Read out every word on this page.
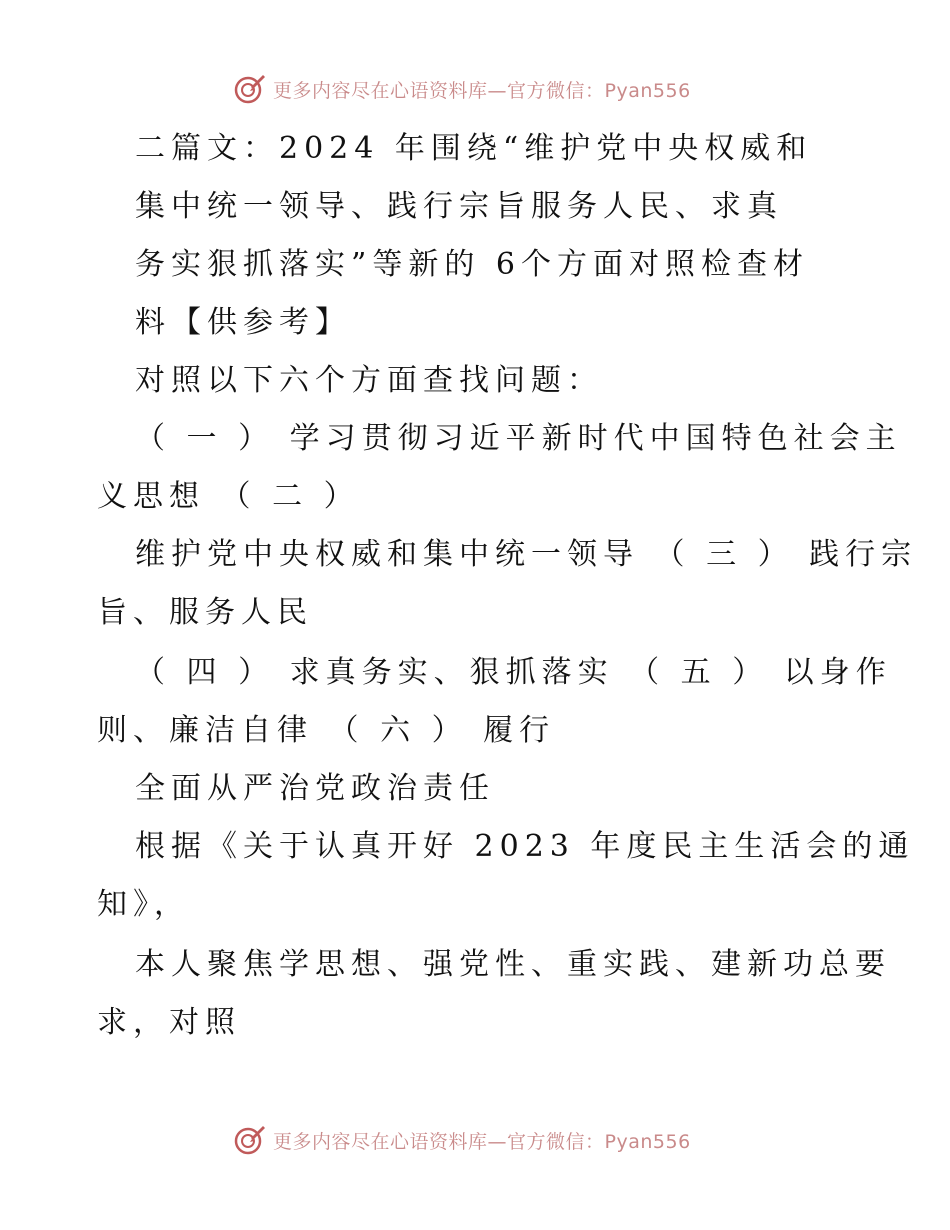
更多内容尽在心语资料库—官方微信：Pyan556
二篇文：2024 年围绕“维护党中央权威和
集中统一领导、践行宗旨服务人民、求真
务实狠抓落实”等新的 6个方面对照检查材
料【供参考】
对照以下六个方面查找问题：
（ 一 ） 学习贯彻习近平新时代中国特色社会主
义思想 （ 二 ）
维护党中央权威和集中统一领导 （ 三 ） 践行宗
旨、服务人民
（ 四 ） 求真务实、狠抓落实 （ 五 ） 以身作
则、廉洁自律 （ 六 ） 履行
全面从严治党政治责任
根据《关于认真开好 2023 年度民主生活会的通
知》，
本人聚焦学思想、强党性、重实践、建新功总要
求，对照
更多内容尽在心语资料库—官方微信：Pyan556
